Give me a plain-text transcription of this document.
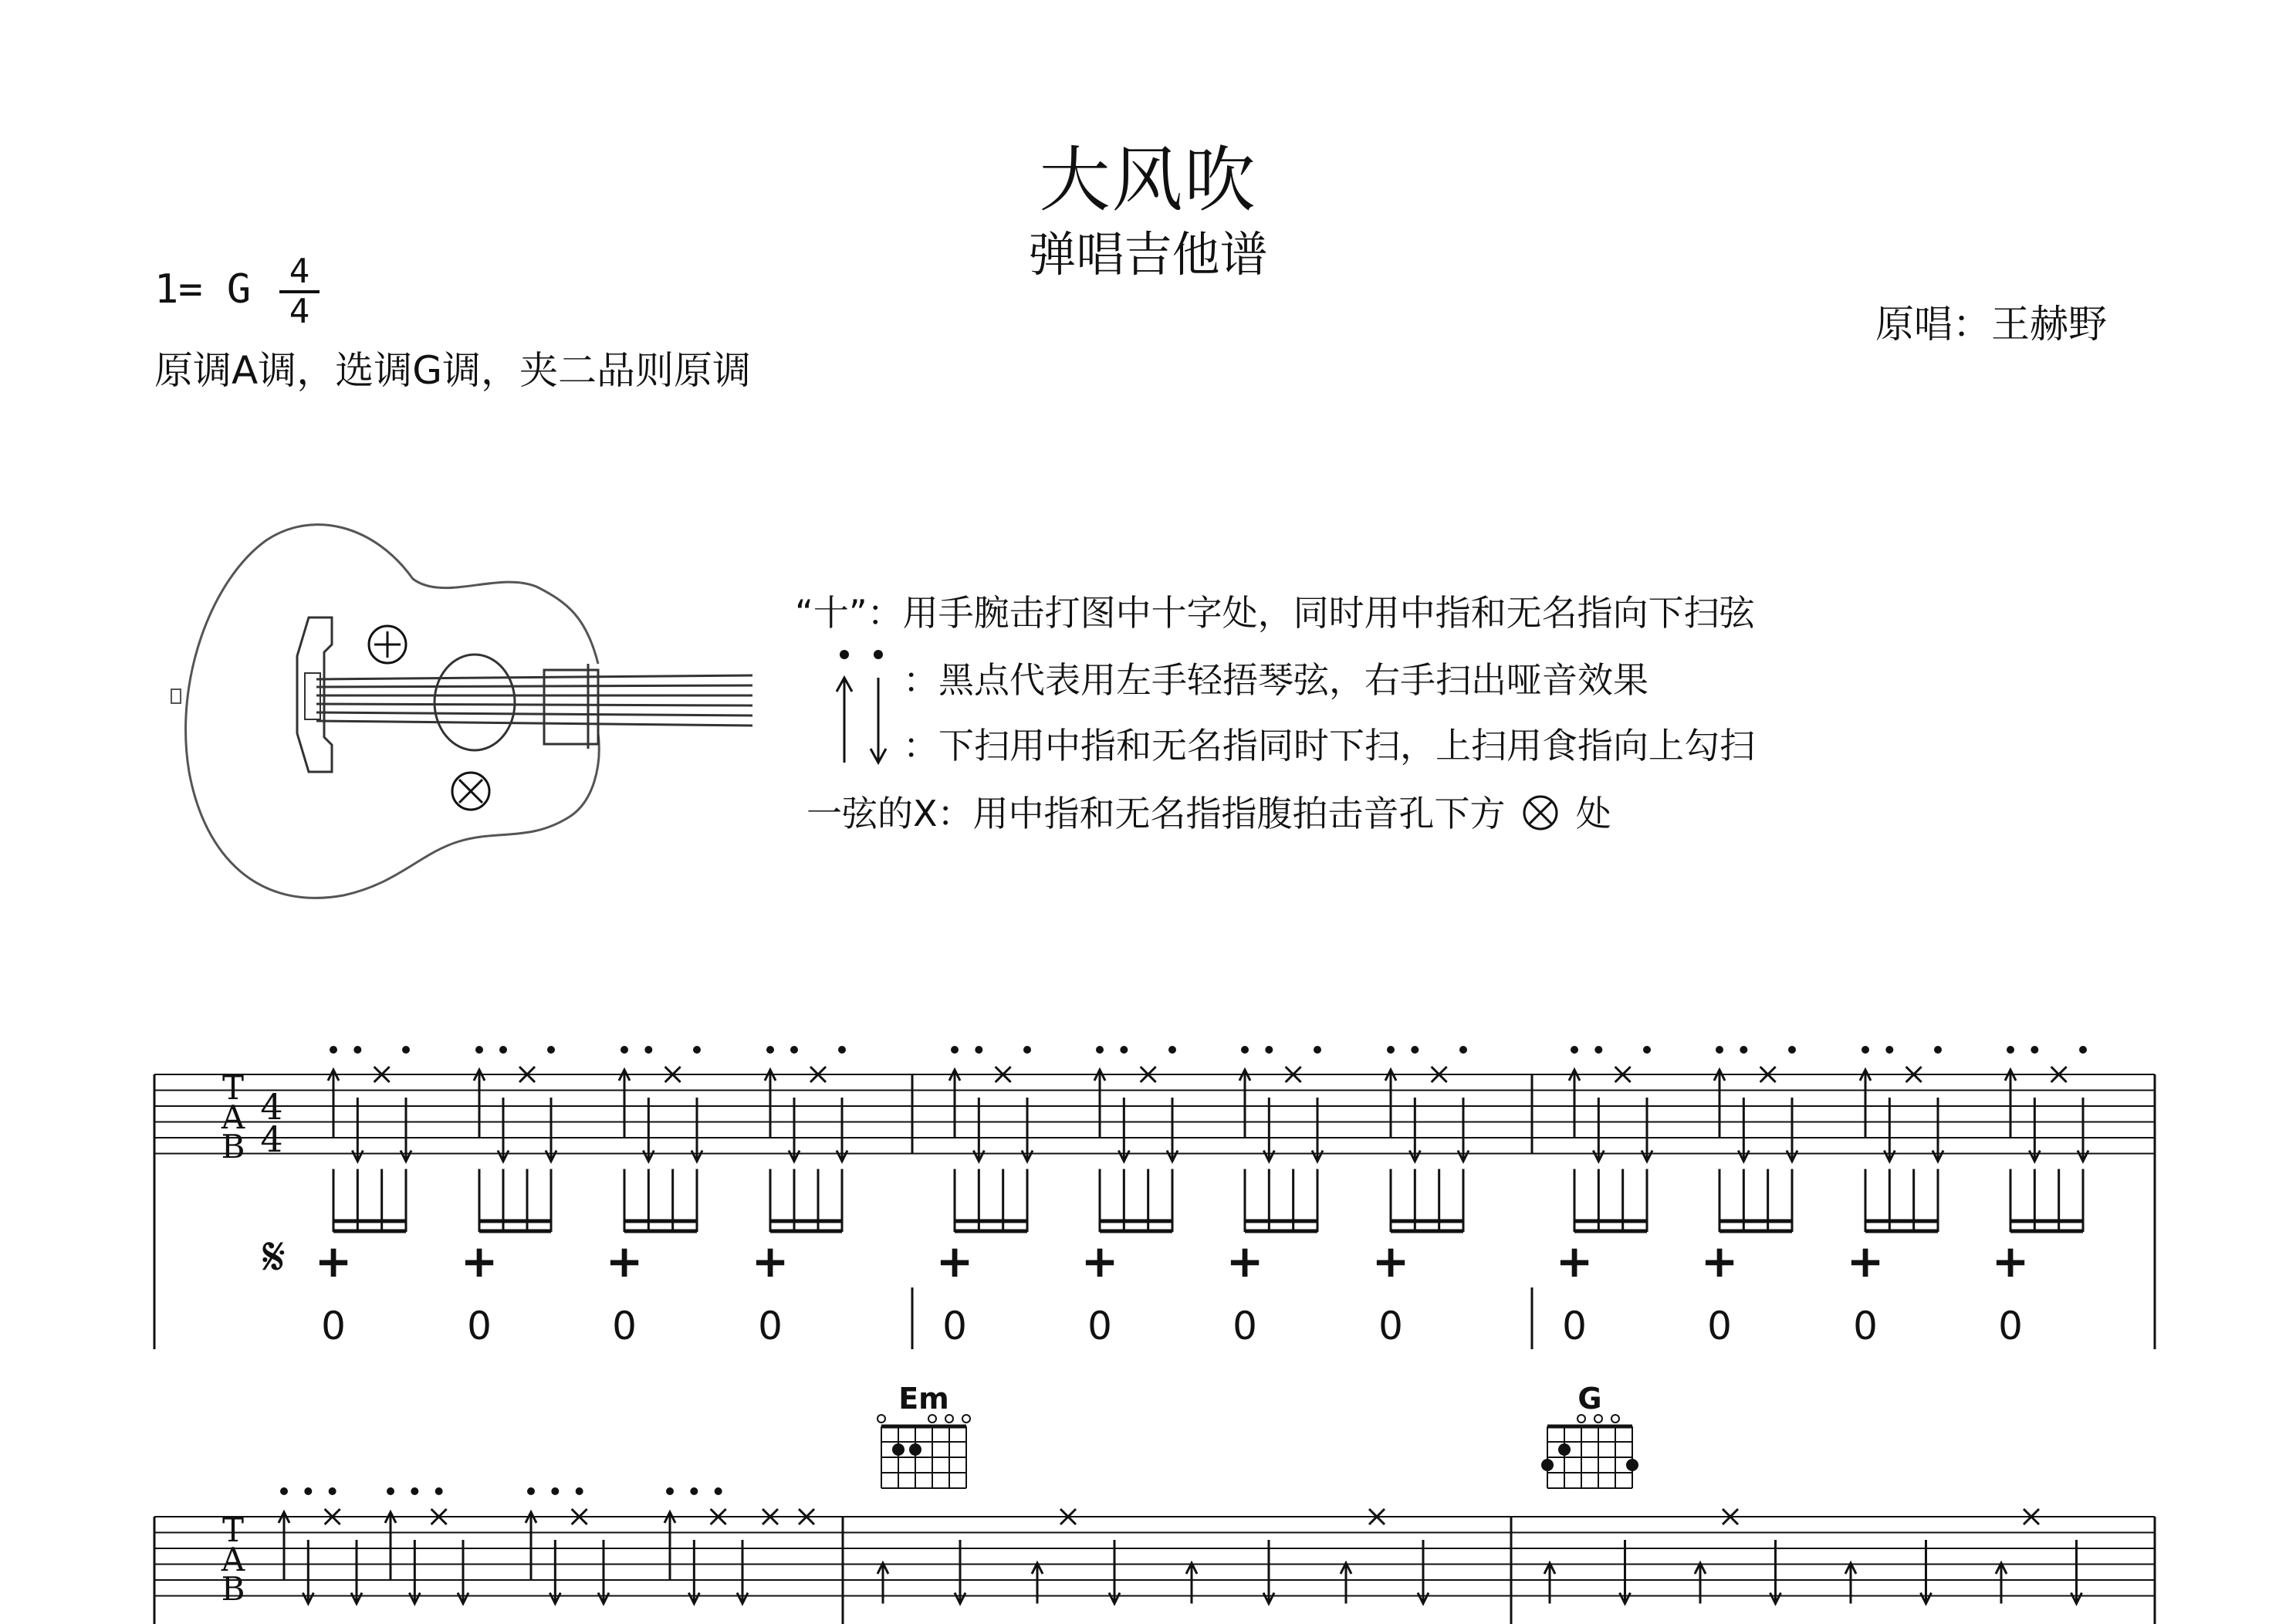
大风吹
弹唱吉他谱
1= G 4
4
原调A调，选调G调，夹二品则原调
原唱：王赫野
“十”：用手腕击打图中十字处，同时用中指和无名指向下扫弦
：黑点代表用左手轻捂琴弦，右手扫出哑音效果
：下扫用中指和无名指同时下扫，上扫用食指向上勾扫
一弦的X：用中指和无名指指腹拍击音孔下方 处
T
A
B
4
4
𝄋 +
0
+
0
+
0
+
0
+
0
+
0
+
0
+
0
+
0
+
0
+
0
+
0
T
A
B
Em	G
